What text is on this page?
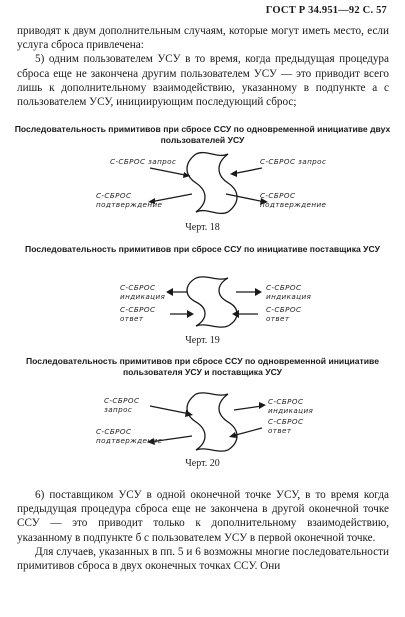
ГОСТ Р 34.951—92 С. 57

приводят к двум дополнительным случаям, которые могут иметь место, если услуга сброса привлечена:

5) одним пользователем УСУ в то время, когда предыдущая процедура сброса еще не закончена другим пользователем УСУ — это приводит всего лишь к дополнительному взаимодействию, указанному в подпункте а с пользователем УСУ, инициирующим последующий сброс;

Последовательность примитивов при сбросе ССУ по одновременной инициативе двух пользователей УСУ
С-СБРОС запрос
С-СБРОС подтверждение
С-СБРОС запрос
С-СБРОС подтверждение
Черт. 18
Последовательность примитивов при сбросе ССУ по инициативе поставщика УСУ
С-СБРОС индикация
С-СБРОС ответ
С-СБРОС индикация
С-СБРОС ответ
Черт. 19
Последовательность примитивов при сбросе ССУ по одновременной инициативе пользователя УСУ и поставщика УСУ
С-СБРОС запрос
С-СБРОС подтверждение
С-СБРОС индикация
С-СБРОС ответ
Черт. 20

6) поставщиком УСУ в одной оконечной точке УСУ, в то время когда предыдущая процедура сброса еще не закончена в другой оконечной точке ССУ — это приводит только к дополнительному взаимодействию, указанному в подпункте б с пользователем УСУ в первой оконечной точке.

Для случаев, указанных в пп. 5 и 6 возможны многие последовательности примитивов сброса в двух оконечных точках ССУ. Они
